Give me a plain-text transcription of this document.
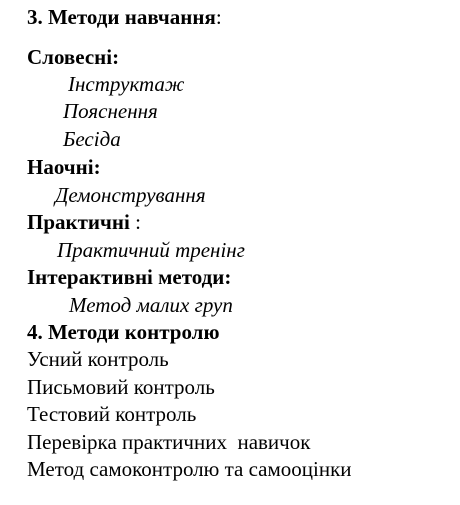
3. Методи навчання:
Словесні:
Інструктаж
Пояснення
Бесіда
Наочні:
Демонстрування
Практичні :
Практичний тренінг
Інтерактивні методи:
Метод малих груп
4. Методи контролю
Усний контроль
Письмовий контроль
Тестовий контроль
Перевірка практичних  навичок
Метод самоконтролю та самооцінки
